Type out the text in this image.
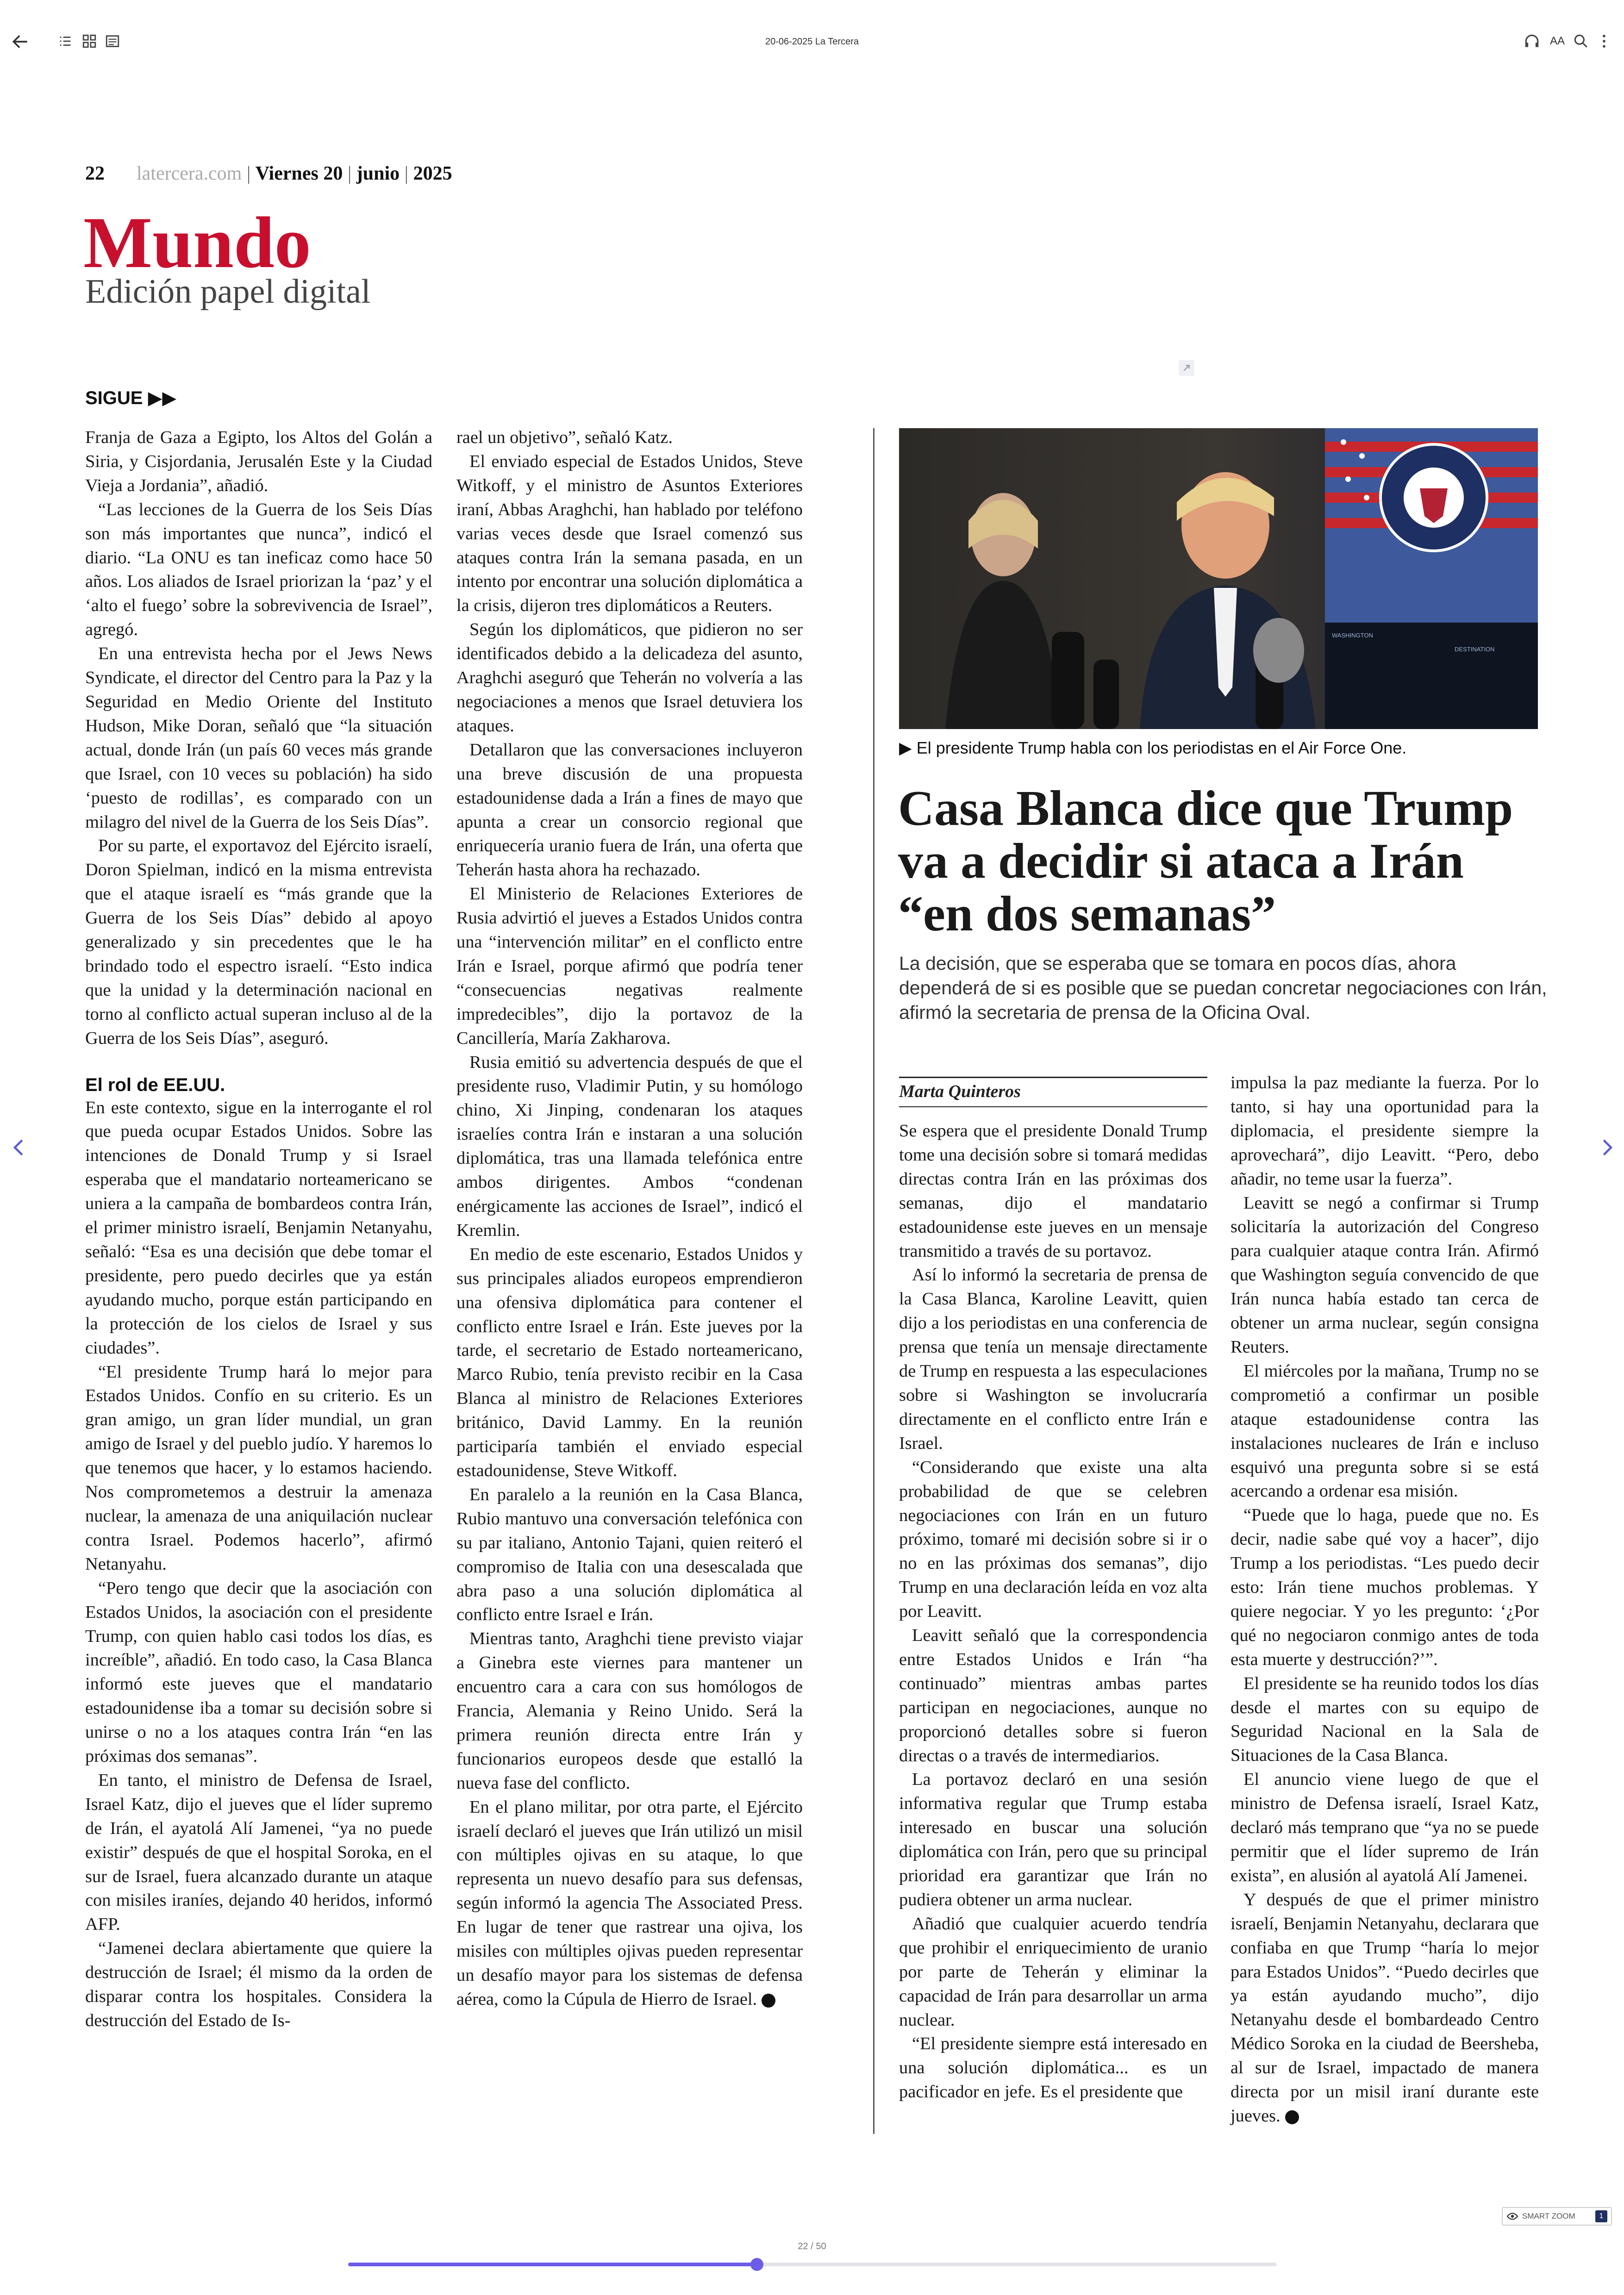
20-06-2025 La Tercera	AA
22 latercera.com | Viernes 20 | junio | 2025
Mundo
Edición papel digital
SIGUE ▶▶

Franja de Gaza a Egipto, los Altos del Golán a Siria, y Cisjordania, Jerusalén Este y la Ciudad Vieja a Jordania”, añadió.

“Las lecciones de la Guerra de los Seis Días son más importantes que nunca”, indicó el diario. “La ONU es tan ineficaz como hace 50 años. Los aliados de Israel priorizan la ‘paz’ y el ‘alto el fuego’ sobre la sobrevivencia de Israel”, agregó.

En una entrevista hecha por el Jews News Syndicate, el director del Centro para la Paz y la Seguridad en Medio Oriente del Instituto Hudson, Mike Doran, señaló que “la situación actual, donde Irán (un país 60 veces más grande que Israel, con 10 veces su población) ha sido ‘puesto de rodillas’, es comparado con un milagro del nivel de la Guerra de los Seis Días”.

Por su parte, el exportavoz del Ejército israelí, Doron Spielman, indicó en la misma entrevista que el ataque israelí es “más grande que la Guerra de los Seis Días” debido al apoyo generalizado y sin precedentes que le ha brindado todo el espectro israelí. “Esto indica que la unidad y la determinación nacional en torno al conflicto actual superan incluso al de la Guerra de los Seis Días”, aseguró.

El rol de EE.UU.

En este contexto, sigue en la interrogante el rol que pueda ocupar Estados Unidos. Sobre las intenciones de Donald Trump y si Israel esperaba que el mandatario norteamericano se uniera a la campaña de bombardeos contra Irán, el primer ministro israelí, Benjamin Netanyahu, señaló: “Esa es una decisión que debe tomar el presidente, pero puedo decirles que ya están ayudando mucho, porque están participando en la protección de los cielos de Israel y sus ciudades”.

“El presidente Trump hará lo mejor para Estados Unidos. Confío en su criterio. Es un gran amigo, un gran líder mundial, un gran amigo de Israel y del pueblo judío. Y haremos lo que tenemos que hacer, y lo estamos haciendo. Nos comprometemos a destruir la amenaza nuclear, la amenaza de una aniquilación nuclear contra Israel. Podemos hacerlo”, afirmó Netanyahu.

“Pero tengo que decir que la asociación con Estados Unidos, la asociación con el presidente Trump, con quien hablo casi todos los días, es increíble”, añadió. En todo caso, la Casa Blanca informó este jueves que el mandatario estadounidense iba a tomar su decisión sobre si unirse o no a los ataques contra Irán “en las próximas dos semanas”.

En tanto, el ministro de Defensa de Israel, Israel Katz, dijo el jueves que el líder supremo de Irán, el ayatolá Alí Jamenei, “ya no puede existir” después de que el hospital Soroka, en el sur de Israel, fuera alcanzado durante un ataque con misiles iraníes, dejando 40 heridos, informó AFP.

“Jamenei declara abiertamente que quiere la destrucción de Israel; él mismo da la orden de disparar contra los hospitales. Considera la destrucción del Estado de Is-

rael un objetivo”, señaló Katz.

El enviado especial de Estados Unidos, Steve Witkoff, y el ministro de Asuntos Exteriores iraní, Abbas Araghchi, han hablado por teléfono varias veces desde que Israel comenzó sus ataques contra Irán la semana pasada, en un intento por encontrar una solución diplomática a la crisis, dijeron tres diplomáticos a Reuters.

Según los diplomáticos, que pidieron no ser identificados debido a la delicadeza del asunto, Araghchi aseguró que Teherán no volvería a las negociaciones a menos que Israel detuviera los ataques.

Detallaron que las conversaciones incluyeron una breve discusión de una propuesta estadounidense dada a Irán a fines de mayo que apunta a crear un consorcio regional que enriquecería uranio fuera de Irán, una oferta que Teherán hasta ahora ha rechazado.

El Ministerio de Relaciones Exteriores de Rusia advirtió el jueves a Estados Unidos contra una “intervención militar” en el conflicto entre Irán e Israel, porque afirmó que podría tener “consecuencias negativas realmente impredecibles”, dijo la portavoz de la Cancillería, María Zakharova.

Rusia emitió su advertencia después de que el presidente ruso, Vladimir Putin, y su homólogo chino, Xi Jinping, condenaran los ataques israelíes contra Irán e instaran a una solución diplomática, tras una llamada telefónica entre ambos dirigentes. Ambos “condenan enérgicamente las acciones de Israel”, indicó el Kremlin.

En medio de este escenario, Estados Unidos y sus principales aliados europeos emprendieron una ofensiva diplomática para contener el conflicto entre Israel e Irán. Este jueves por la tarde, el secretario de Estado norteamericano, Marco Rubio, tenía previsto recibir en la Casa Blanca al ministro de Relaciones Exteriores británico, David Lammy. En la reunión participaría también el enviado especial estadounidense, Steve Witkoff.

En paralelo a la reunión en la Casa Blanca, Rubio mantuvo una conversación telefónica con su par italiano, Antonio Tajani, quien reiteró el compromiso de Italia con una desescalada que abra paso a una solución diplomática al conflicto entre Israel e Irán.

Mientras tanto, Araghchi tiene previsto viajar a Ginebra este viernes para mantener un encuentro cara a cara con sus homólogos de Francia, Alemania y Reino Unido. Será la primera reunión directa entre Irán y funcionarios europeos desde que estalló la nueva fase del conflicto.

En el plano militar, por otra parte, el Ejército israelí declaró el jueves que Irán utilizó un misil con múltiples ojivas en su ataque, lo que representa un nuevo desafío para sus defensas, según informó la agencia The Associated Press. En lugar de tener que rastrear una ojiva, los misiles con múltiples ojivas pueden representar un desafío mayor para los sistemas de defensa aérea, como la Cúpula de Hierro de Israel.

WASHINGTON
DESTINATION
▶ El presidente Trump habla con los periodistas en el Air Force One.
Casa Blanca dice que Trump va a decidir si ataca a Irán “en dos semanas”
La decisión, que se esperaba que se tomara en pocos días, ahora dependerá de si es posible que se puedan concretar negociaciones con Irán, afirmó la secretaria de prensa de la Oficina Oval.
Marta Quinteros

Se espera que el presidente Donald Trump tome una decisión sobre si tomará medidas directas contra Irán en las próximas dos semanas, dijo el mandatario estadounidense este jueves en un mensaje transmitido a través de su portavoz.

Así lo informó la secretaria de prensa de la Casa Blanca, Karoline Leavitt, quien dijo a los periodistas en una conferencia de prensa que tenía un mensaje directamente de Trump en respuesta a las especulaciones sobre si Washington se involucraría directamente en el conflicto entre Irán e Israel.

“Considerando que existe una alta probabilidad de que se celebren negociaciones con Irán en un futuro próximo, tomaré mi decisión sobre si ir o no en las próximas dos semanas”, dijo Trump en una declaración leída en voz alta por Leavitt.

Leavitt señaló que la correspondencia entre Estados Unidos e Irán “ha continuado” mientras ambas partes participan en negociaciones, aunque no proporcionó detalles sobre si fueron directas o a través de intermediarios.

La portavoz declaró en una sesión informativa regular que Trump estaba interesado en buscar una solución diplomática con Irán, pero que su principal prioridad era garantizar que Irán no pudiera obtener un arma nuclear.

Añadió que cualquier acuerdo tendría que prohibir el enriquecimiento de uranio por parte de Teherán y eliminar la capacidad de Irán para desarrollar un arma nuclear.

“El presidente siempre está interesado en una solución diplomática... es un pacificador en jefe. Es el presidente que

impulsa la paz mediante la fuerza. Por lo tanto, si hay una oportunidad para la diplomacia, el presidente siempre la aprovechará”, dijo Leavitt. “Pero, debo añadir, no teme usar la fuerza”.

Leavitt se negó a confirmar si Trump solicitaría la autorización del Congreso para cualquier ataque contra Irán. Afirmó que Washington seguía convencido de que Irán nunca había estado tan cerca de obtener un arma nuclear, según consigna Reuters.

El miércoles por la mañana, Trump no se comprometió a confirmar un posible ataque estadounidense contra las instalaciones nucleares de Irán e incluso esquivó una pregunta sobre si se está acercando a ordenar esa misión.

“Puede que lo haga, puede que no. Es decir, nadie sabe qué voy a hacer”, dijo Trump a los periodistas. “Les puedo decir esto: Irán tiene muchos problemas. Y quiere negociar. Y yo les pregunto: ‘¿Por qué no negociaron conmigo antes de toda esta muerte y destrucción?’”.

El presidente se ha reunido todos los días desde el martes con su equipo de Seguridad Nacional en la Sala de Situaciones de la Casa Blanca.

El anuncio viene luego de que el ministro de Defensa israelí, Israel Katz, declaró más temprano que “ya no se puede permitir que el líder supremo de Irán exista”, en alusión al ayatolá Alí Jamenei.

Y después de que el primer ministro israelí, Benjamin Netanyahu, declarara que confiaba en que Trump “haría lo mejor para Estados Unidos”. “Puedo decirles que ya están ayudando mucho”, dijo Netanyahu desde el bombardeado Centro Médico Soroka en la ciudad de Beersheba, al sur de Israel, impactado de manera directa por un misil iraní durante este jueves.

SMART ZOOM	1
22 / 50
